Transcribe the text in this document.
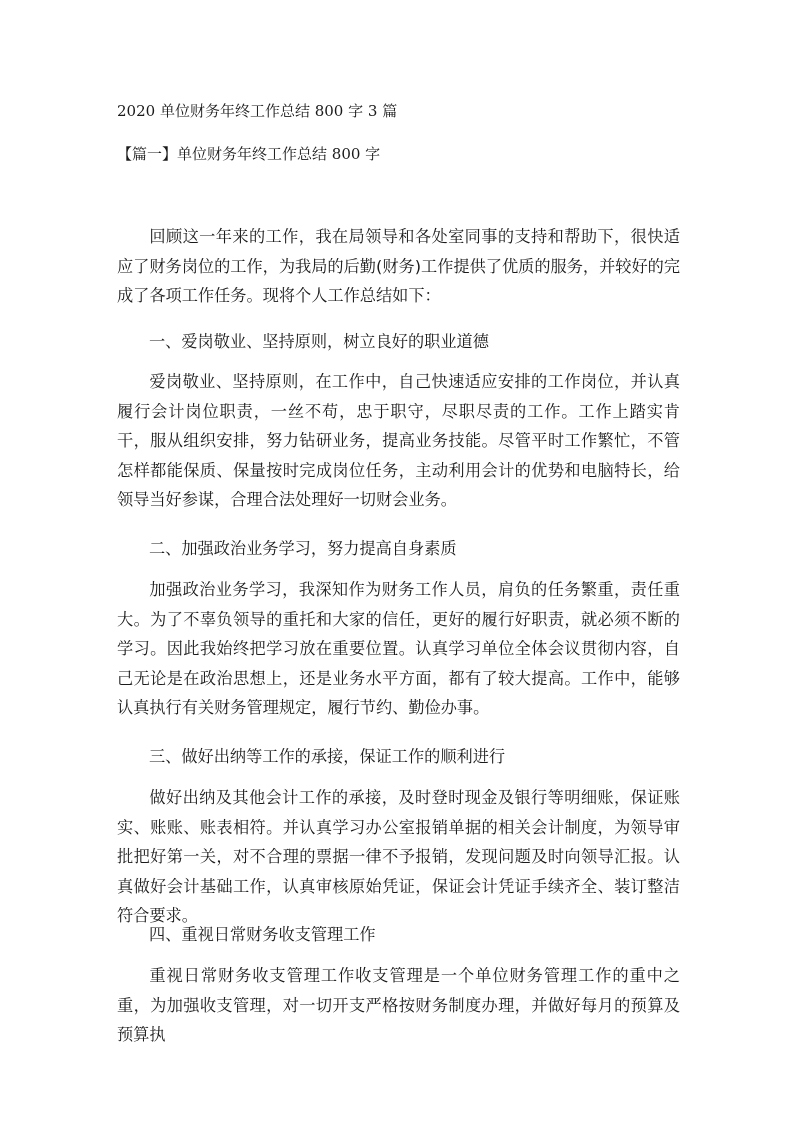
2020 单位财务年终工作总结 800 字 3 篇
【篇一】单位财务年终工作总结 800 字

回顾这一年来的工作，我在局领导和各处室同事的支持和帮助下，很快适应了财务岗位的工作，为我局的后勤(财务)工作提供了优质的服务，并较好的完成了各项工作任务。现将个人工作总结如下：

一、爱岗敬业、坚持原则，树立良好的职业道德

爱岗敬业、坚持原则，在工作中，自己快速适应安排的工作岗位，并认真履行会计岗位职责，一丝不苟，忠于职守，尽职尽责的工作。工作上踏实肯干，服从组织安排，努力钻研业务，提高业务技能。尽管平时工作繁忙，不管怎样都能保质、保量按时完成岗位任务，主动利用会计的优势和电脑特长，给领导当好参谋，合理合法处理好一切财会业务。

二、加强政治业务学习，努力提高自身素质

加强政治业务学习，我深知作为财务工作人员，肩负的任务繁重，责任重大。为了不辜负领导的重托和大家的信任，更好的履行好职责，就必须不断的学习。因此我始终把学习放在重要位置。认真学习单位全体会议贯彻内容，自己无论是在政治思想上，还是业务水平方面，都有了较大提高。工作中，能够认真执行有关财务管理规定，履行节约、勤俭办事。

三、做好出纳等工作的承接，保证工作的顺利进行

做好出纳及其他会计工作的承接，及时登时现金及银行等明细账，保证账实、账账、账表相符。并认真学习办公室报销单据的相关会计制度，为领导审批把好第一关，对不合理的票据一律不予报销，发现问题及时向领导汇报。认真做好会计基础工作，认真审核原始凭证，保证会计凭证手续齐全、装订整洁符合要求。

四、重视日常财务收支管理工作

重视日常财务收支管理工作收支管理是一个单位财务管理工作的重中之重，为加强收支管理，对一切开支严格按财务制度办理，并做好每月的预算及预算执
